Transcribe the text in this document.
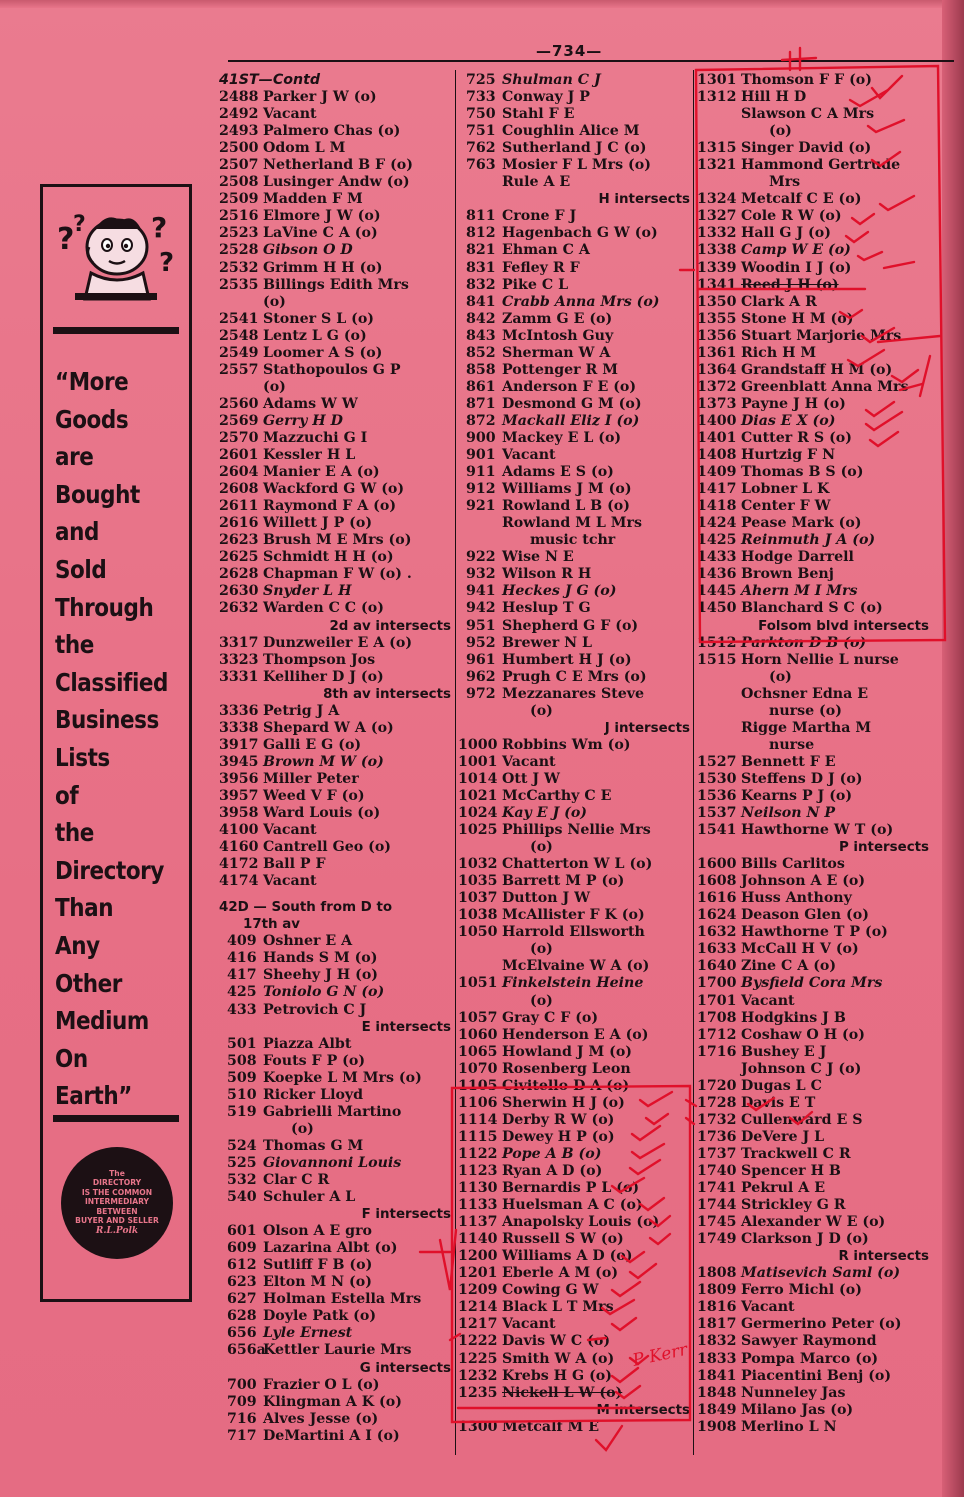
—734—
?
? ?
?
“More
Goods
are
Bought
and
Sold
Through
the
Classified
Business
Lists
of
the
Directory
Than
Any
Other
Medium
On
Earth”
The
DIRECTORY
IS THE COMMON
INTERMEDIARY
BETWEEN
BUYER AND SELLER
R.L.Polk
41ST—Contd
2488 Parker J W (o)
2492 Vacant
2493 Palmero Chas (o)
2500 Odom L M
2507 Netherland B F (o)
2508 Lusinger Andw (o)
2509 Madden F M
2516 Elmore J W (o)
2523 LaVine C A (o)
2528 Gibson O D
2532 Grimm H H (o)
2535 Billings Edith Mrs
(o)
2541 Stoner S L (o)
2548 Lentz L G (o)
2549 Loomer A S (o)
2557 Stathopoulos G P
(o)
2560 Adams W W
2569 Gerry H D
2570 Mazzuchi G I
2601 Kessler H L
2604 Manier E A (o)
2608 Wackford G W (o)
2611 Raymond F A (o)
2616 Willett J P (o)
2623 Brush M E Mrs (o)
2625 Schmidt H H (o)
2628 Chapman F W (o) .
2630 Snyder L H
2632 Warden C C (o)
2d av intersects
3317 Dunzweiler E A (o)
3323 Thompson Jos
3331 Kelliher D J (o)
8th av intersects
3336 Petrig J A
3338 Shepard W A (o)
3917 Galli E G (o)
3945 Brown M W (o)
3956 Miller Peter
3957 Weed V F (o)
3958 Ward Louis (o)
4100 Vacant
4160 Cantrell Geo (o)
4172 Ball P F
4174 Vacant
42D — South from D to
17th av
409 Oshner E A
416 Hands S M (o)
417 Sheehy J H (o)
425 Toniolo G N (o)
433 Petrovich C J
E intersects
501 Piazza Albt
508 Fouts F P (o)
509 Koepke L M Mrs (o)
510 Ricker Lloyd
519 Gabrielli Martino
(o)
524 Thomas G M
525 Giovannoni Louis
532 Clar C R
540 Schuler A L
F intersects
601 Olson A E gro
609 Lazarina Albt (o)
612 Sutliff F B (o)
623 Elton M N (o)
627 Holman Estella Mrs
628 Doyle Patk (o)
656 Lyle Ernest
656a
Kettler Laurie Mrs
G intersects
700 Frazier O L (o)
709 Klingman A K (o)
716 Alves Jesse (o)
717 DeMartini A I (o)
725 Shulman C J
733 Conway J P
750 Stahl F E
751 Coughlin Alice M
762 Sutherland J C (o)
763 Mosier F L Mrs (o)
Rule A E
H intersects
811 Crone F J
812 Hagenbach G W (o)
821 Ehman C A
831 Fefley R F
832 Pike C L
841 Crabb Anna Mrs (o)
842 Zamm G E (o)
843 McIntosh Guy
852 Sherman W A
858 Pottenger R M
861 Anderson F E (o)
871 Desmond G M (o)
872 Mackall Eliz I (o)
900 Mackey E L (o)
901 Vacant
911 Adams E S (o)
912 Williams J M (o)
921 Rowland L B (o)
Rowland M L Mrs
music tchr
922 Wise N E
932 Wilson R H
941 Heckes J G (o)
942 Heslup T G
951 Shepherd G F (o)
952 Brewer N L
961 Humbert H J (o)
962 Prugh C E Mrs (o)
972 Mezzanares Steve
(o)
J intersects
1000 Robbins Wm (o)
1001 Vacant
1014 Ott J W
1021 McCarthy C E
1024 Kay E J (o)
1025 Phillips Nellie Mrs
(o)
1032 Chatterton W L (o)
1035 Barrett M P (o)
1037 Dutton J W
1038 McAllister F K (o)
1050 Harrold Ellsworth
(o)
McElvaine W A (o)
1051 Finkelstein Heine
(o)
1057 Gray C F (o)
1060 Henderson E A (o)
1065 Howland J M (o)
1070 Rosenberg Leon
1105 Civitello D A (o)
1106 Sherwin H J (o)
1114 Derby R W (o)
1115 Dewey H P (o)
1122 Pope A B (o)
1123 Ryan A D (o)
1130 Bernardis P L (o)
1133 Huelsman A C (o)
1137 Anapolsky Louis (o)
1140 Russell S W (o)
1200 Williams A D (o)
1201 Eberle A M (o)
1209 Cowing G W
1214 Black L T Mrs
1217 Vacant
1222 Davis W C (o)
1225 Smith W A (o)
1232 Krebs H G (o)
1235 Nickell L W (o)
M intersects
1300 Metcalf M E
1301 Thomson F F (o)
1312 Hill H D
Slawson C A Mrs
(o)
1315 Singer David (o)
1321 Hammond Gertrude
Mrs
1324 Metcalf C E (o)
1327 Cole R W (o)
1332 Hall G J (o)
1338 Camp W E (o)
1339 Woodin I J (o)
1341 Reed J H (o)
1350 Clark A R
1355 Stone H M (o)
1356 Stuart Marjorie Mrs
1361 Rich H M
1364 Grandstaff H M (o)
1372 Greenblatt Anna Mrs
1373 Payne J H (o)
1400 Dias E X (o)
1401 Cutter R S (o)
1408 Hurtzig F N
1409 Thomas B S (o)
1417 Lobner L K
1418 Center F W
1424 Pease Mark (o)
1425 Reinmuth J A (o)
1433 Hodge Darrell
1436 Brown Benj
1445 Ahern M I Mrs
1450 Blanchard S C (o)
Folsom blvd intersects
1512 Parkton D B (o)
1515 Horn Nellie L nurse
(o)
Ochsner Edna E
nurse (o)
Rigge Martha M
nurse
1527 Bennett F E
1530 Steffens D J (o)
1536 Kearns P J (o)
1537 Neilson N P
1541 Hawthorne W T (o)
P intersects
1600 Bills Carlitos
1608 Johnson A E (o)
1616 Huss Anthony
1624 Deason Glen (o)
1632 Hawthorne T P (o)
1633 McCall H V (o)
1640 Zine C A (o)
1700 Bysfield Cora Mrs
1701 Vacant
1708 Hodgkins J B
1712 Coshaw O H (o)
1716 Bushey E J
Johnson C J (o)
1720 Dugas L C
1728 Davis E T
1732 Cullenward E S
1736 DeVere J L
1737 Trackwell C R
1740 Spencer H B
1741 Pekrul A E
1744 Strickley G R
1745 Alexander W E (o)
1749 Clarkson J D (o)
R intersects
1808 Matisevich Saml (o)
1809 Ferro Michl (o)
1816 Vacant
1817 Germerino Peter (o)
1832 Sawyer Raymond
1833 Pompa Marco (o)
1841 Piacentini Benj (o)
1848 Nunneley Jas
1849 Milano Jas (o)
1908 Merlino L N
P Kerr
